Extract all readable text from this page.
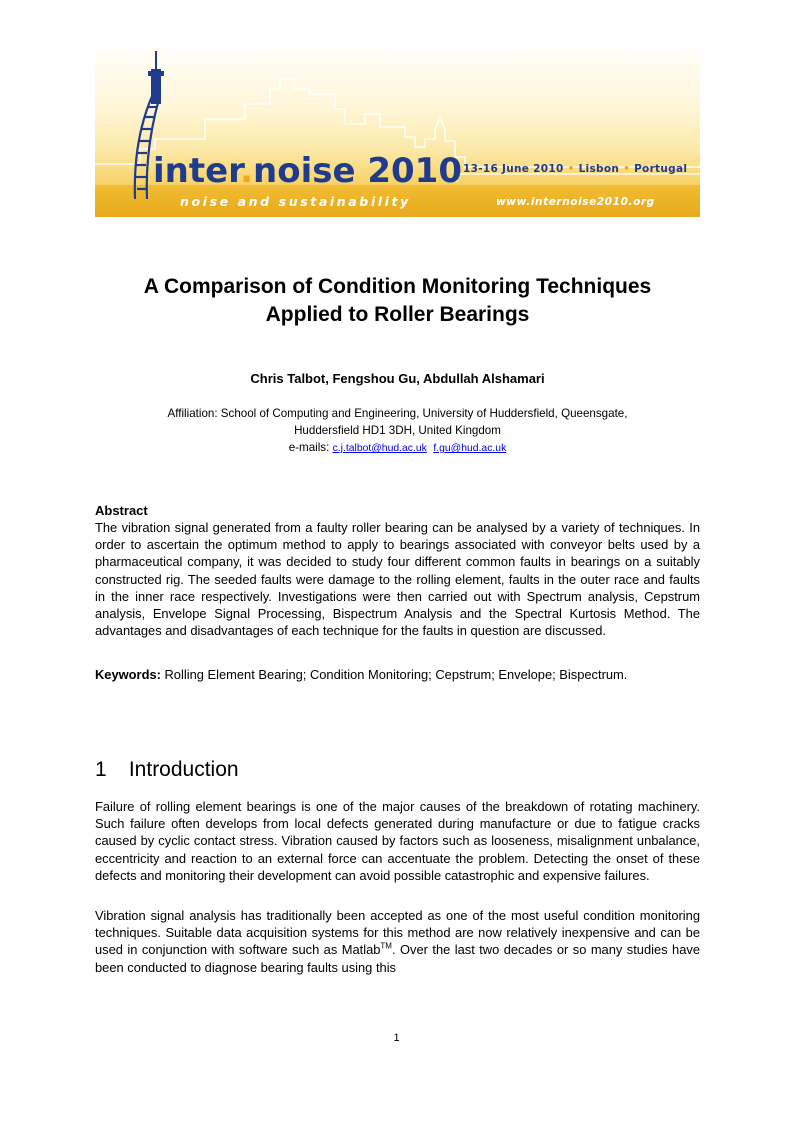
inter.noise 2010 13-16 June 2010 • Lisbon • Portugal
noise and sustainability	www.internoise2010.org
A Comparison of Condition Monitoring Techniques
Applied to Roller Bearings
Chris Talbot, Fengshou Gu, Abdullah Alshamari
Affiliation: School of Computing and Engineering, University of Huddersfield, Queensgate,
Huddersfield HD1 3DH, United Kingdom
e-mails: c.j.talbot@hud.ac.uk f.gu@hud.ac.uk
Abstract
The vibration signal generated from a faulty roller bearing can be analysed by a variety of techniques. In order to ascertain the optimum method to apply to bearings associated with conveyor belts used by a pharmaceutical company, it was decided to study four different common faults in bearings on a suitably constructed rig. The seeded faults were damage to the rolling element, faults in the outer race and faults in the inner race respectively. Investigations were then carried out with Spectrum analysis, Cepstrum analysis, Envelope Signal Processing, Bispectrum Analysis and the Spectral Kurtosis Method. The advantages and disadvantages of each technique for the faults in question are discussed.
Keywords: Rolling Element Bearing; Condition Monitoring; Cepstrum; Envelope; Bispectrum.
1 Introduction
Failure of rolling element bearings is one of the major causes of the breakdown of rotating machinery. Such failure often develops from local defects generated during manufacture or due to fatigue cracks caused by cyclic contact stress. Vibration caused by factors such as looseness, misalignment unbalance, eccentricity and reaction to an external force can accentuate the problem. Detecting the onset of these defects and monitoring their development can avoid possible catastrophic and expensive failures.
Vibration signal analysis has traditionally been accepted as one of the most useful condition monitoring techniques. Suitable data acquisition systems for this method are now relatively inexpensive and can be used in conjunction with software such as Matlab™. Over the last two decades or so many studies have been conducted to diagnose bearing faults using this
1
